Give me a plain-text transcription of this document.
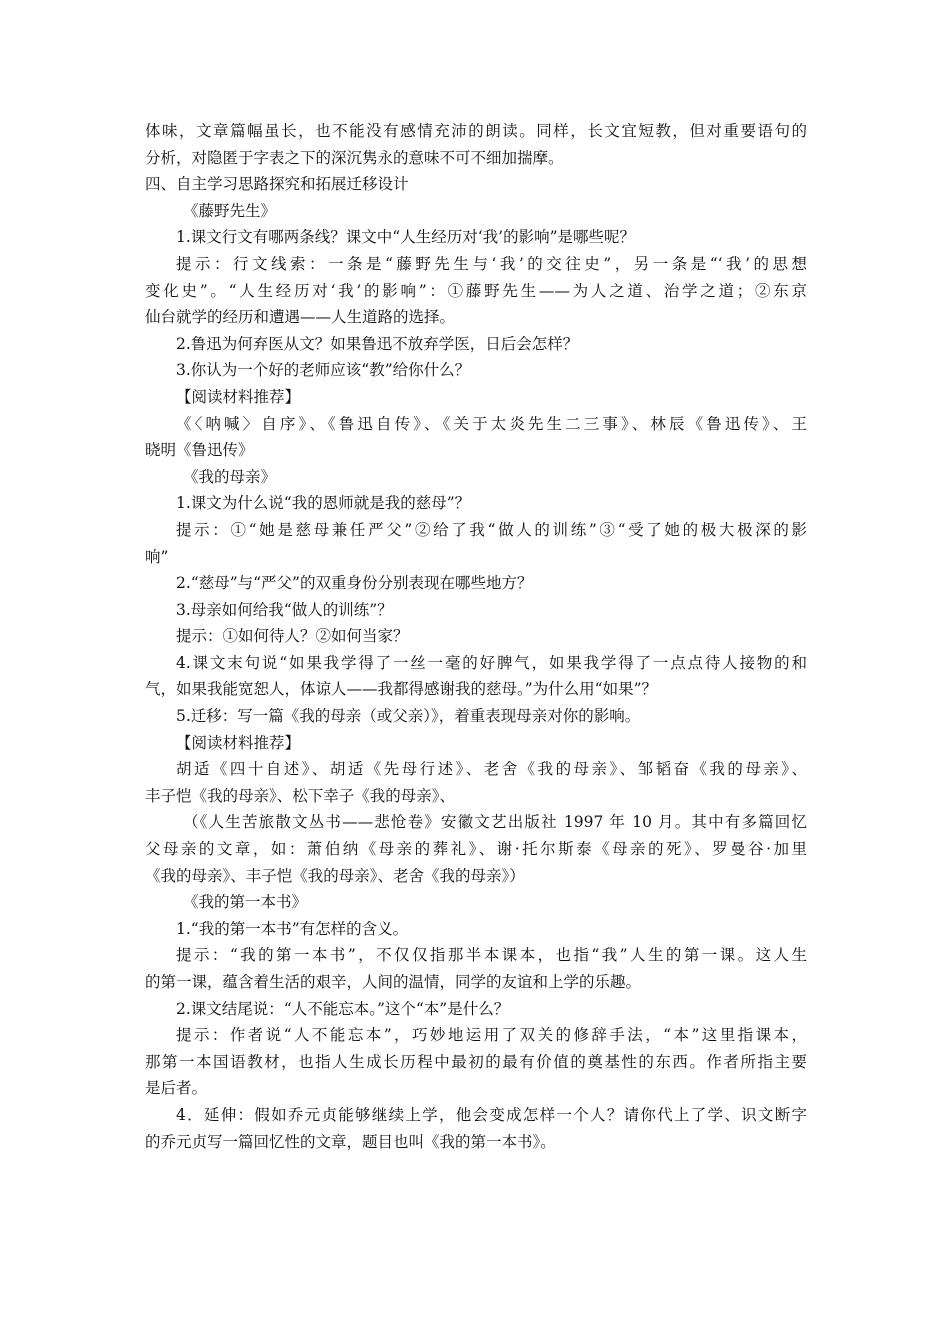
体味，文章篇幅虽长，也不能没有感情充沛的朗读。同样，长文宜短教，但对重要语句的
分析，对隐匿于字表之下的深沉隽永的意味不可不细加揣摩。
四、自主学习思路探究和拓展迁移设计
《藤野先生》
1.课文行文有哪两条线？课文中“人生经历对‘我’的影响”是哪些呢？
提示：行文线索：一条是“藤野先生与‘我’的交往史”，另一条是“‘我’的思想
变化史”。“人生经历对‘我’的影响”：①藤野先生——为人之道、治学之道；②东京
仙台就学的经历和遭遇——人生道路的选择。
2.鲁迅为何弃医从文？如果鲁迅不放弃学医，日后会怎样？
3.你认为一个好的老师应该“教”给你什么？
【阅读材料推荐】
《〈呐喊〉自序》、《鲁迅自传》、《关于太炎先生二三事》、林辰《鲁迅传》、王
晓明《鲁迅传》
《我的母亲》
1.课文为什么说“我的恩师就是我的慈母”？
提示：①“她是慈母兼任严父”②给了我“做人的训练”③“受了她的极大极深的影
响”
2.“慈母”与“严父”的双重身份分别表现在哪些地方？
3.母亲如何给我“做人的训练”？
提示：①如何待人？②如何当家？
4.课文末句说“如果我学得了一丝一毫的好脾气，如果我学得了一点点待人接物的和
气，如果我能宽恕人，体谅人——我都得感谢我的慈母。”为什么用“如果”？
5.迁移：写一篇《我的母亲（或父亲）》，着重表现母亲对你的影响。
【阅读材料推荐】
胡适《四十自述》、胡适《先母行述》、老舍《我的母亲》、邹韬奋《我的母亲》、
丰子恺《我的母亲》、松下幸子《我的母亲》、
（《人生苦旅散文丛书——悲怆卷》安徽文艺出版社 1997 年 10 月。其中有多篇回忆
父母亲的文章，如：萧伯纳《母亲的葬礼》、谢·托尔斯泰《母亲的死》、罗曼谷·加里
《我的母亲》、丰子恺《我的母亲》、老舍《我的母亲》）
《我的第一本书》
1.“我的第一本书”有怎样的含义。
提示：“我的第一本书”，不仅仅指那半本课本，也指“我”人生的第一课。这人生
的第一课，蕴含着生活的艰辛，人间的温情，同学的友谊和上学的乐趣。
2.课文结尾说：“人不能忘本。”这个“本”是什么？
提示：作者说“人不能忘本”，巧妙地运用了双关的修辞手法，“本”这里指课本，
那第一本国语教材，也指人生成长历程中最初的最有价值的奠基性的东西。作者所指主要
是后者。
4．延伸：假如乔元贞能够继续上学，他会变成怎样一个人？请你代上了学、识文断字
的乔元贞写一篇回忆性的文章，题目也叫《我的第一本书》。
